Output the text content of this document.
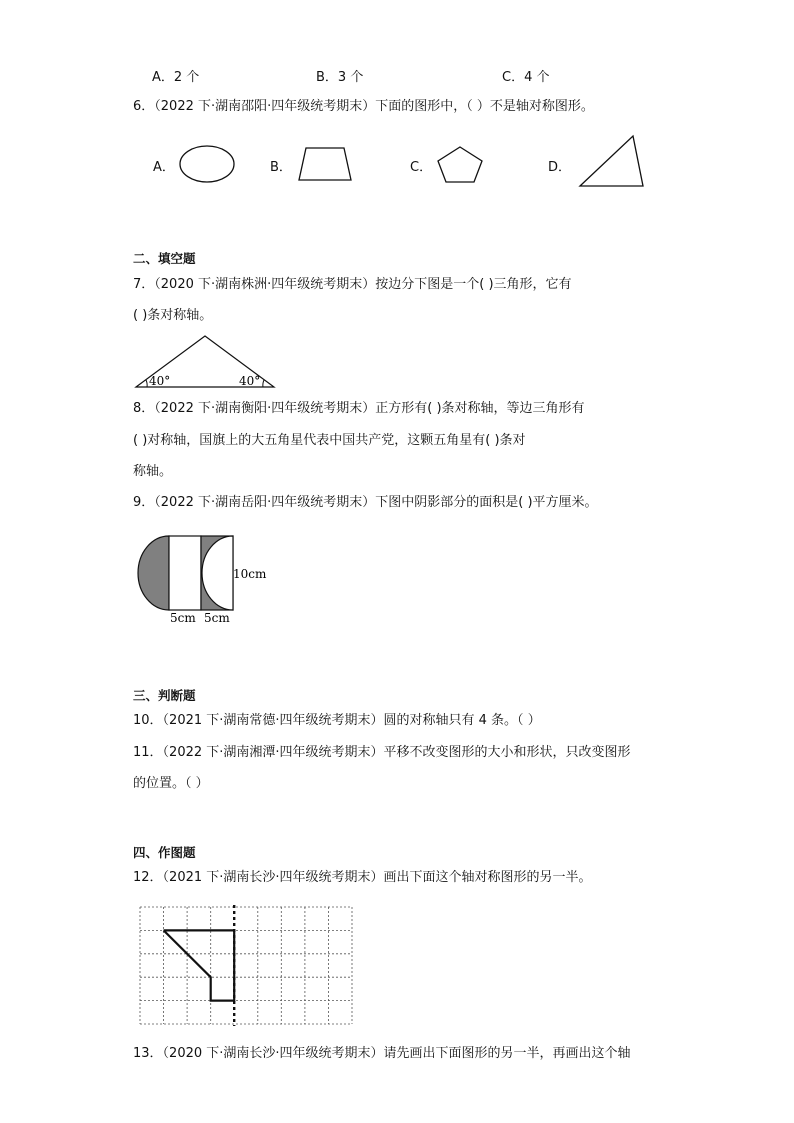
A．2 个	B．3 个	C．4 个
6．（2022 下·湖南邵阳·四年级统考期末）下面的图形中，（ ）不是轴对称图形。
A．	B．	C．	D．
二、填空题
7．（2020 下·湖南株洲·四年级统考期末）按边分下图是一个( )三角形，它有
( )条对称轴。
40°	40°
8．（2022 下·湖南衡阳·四年级统考期末）正方形有( )条对称轴，等边三角形有
( )对称轴，国旗上的大五角星代表中国共产党，这颗五角星有( )条对
称轴。
9．（2022 下·湖南岳阳·四年级统考期末）下图中阴影部分的面积是( )平方厘米。
10cm
5cm 5cm
三、判断题
10．（2021 下·湖南常德·四年级统考期末）圆的对称轴只有 4 条。（ ）
11．（2022 下·湖南湘潭·四年级统考期末）平移不改变图形的大小和形状，只改变图形
的位置。（ ）
四、作图题
12．（2021 下·湖南长沙·四年级统考期末）画出下面这个轴对称图形的另一半。
13．（2020 下·湖南长沙·四年级统考期末）请先画出下面图形的另一半，再画出这个轴
